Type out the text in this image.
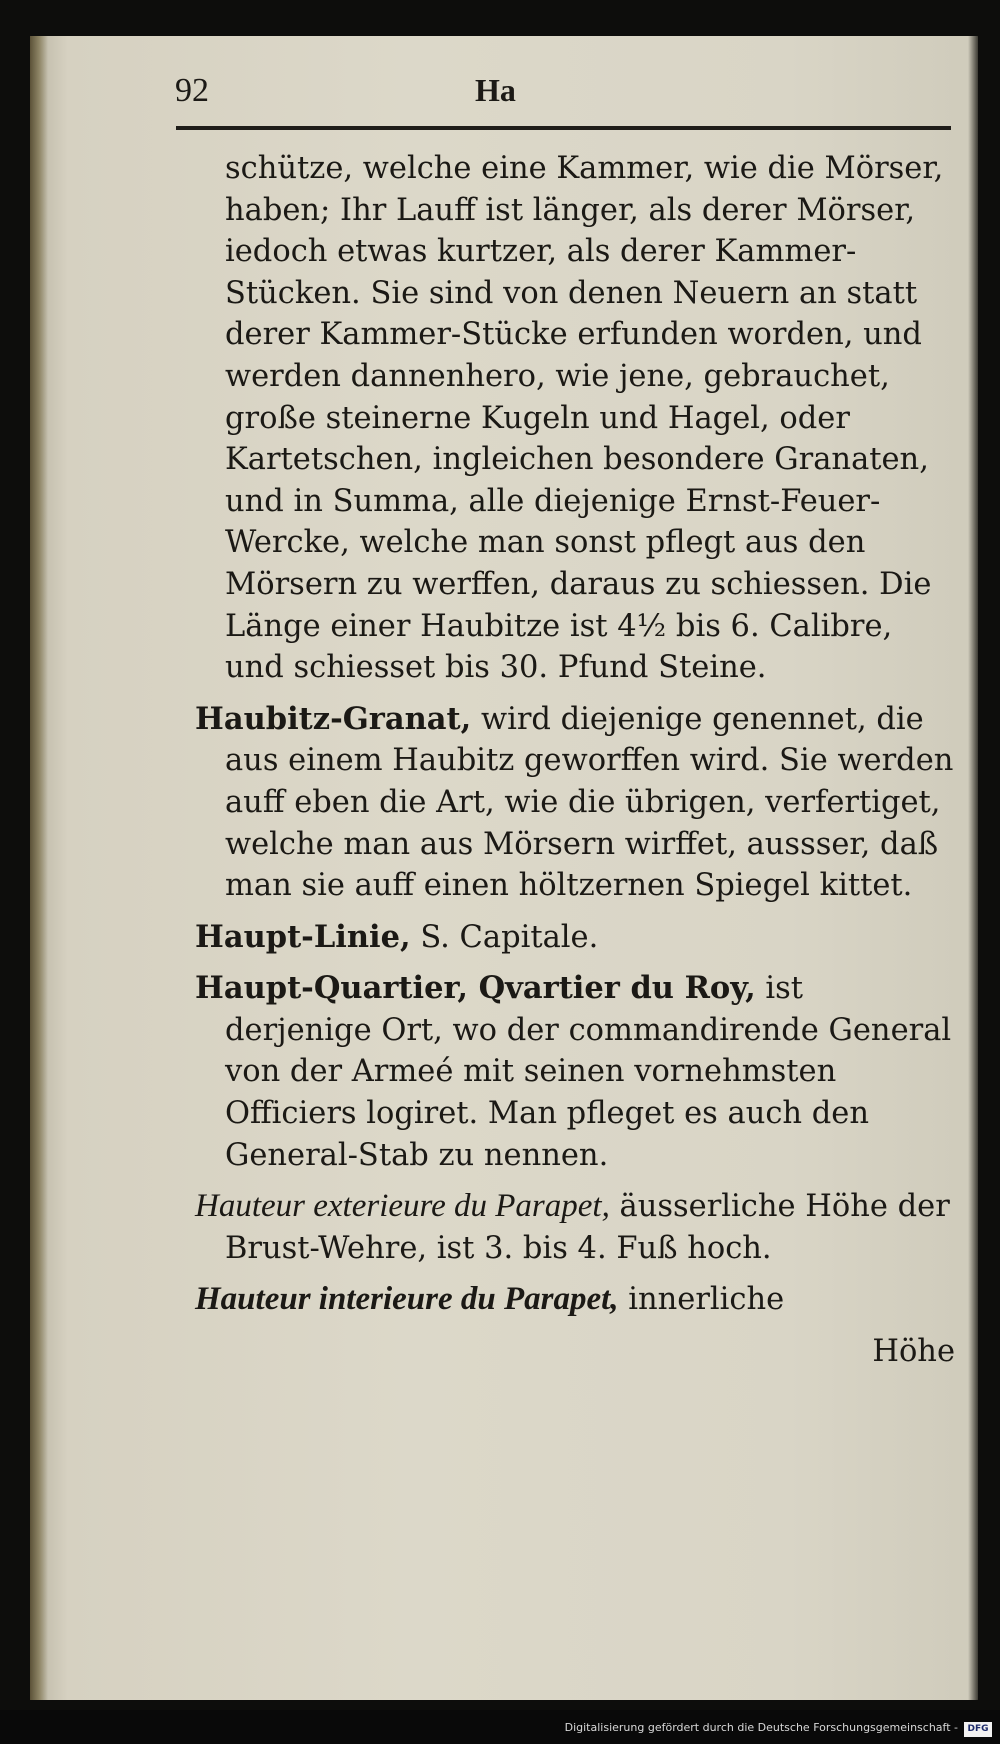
92	Ha

schütze, welche eine Kammer, wie die Mörser, haben; Ihr Lauff ist länger, als derer Mörser, iedoch etwas kurtzer, als derer Kammer-Stücken. Sie sind von denen Neuern an statt derer Kammer-Stücke erfunden worden, und werden dannenhero, wie jene, gebrauchet, große steinerne Kugeln und Hagel, oder Kartetschen, ingleichen besondere Granaten, und in Summa, alle diejenige Ernst-Feuer-Wercke, welche man sonst pflegt aus den Mörsern zu werffen, daraus zu schiessen. Die Länge einer Haubitze ist 4½ bis 6. Calibre, und schiesset bis 30. Pfund Steine.

Haubitz-Granat, wird diejenige genennet, die aus einem Haubitz geworffen wird. Sie werden auff eben die Art, wie die übrigen, verfertiget, welche man aus Mörsern wirffet, aussser, daß man sie auff einen höltzernen Spiegel kittet.

Haupt-Linie, S. Capitale.

Haupt-Quartier, Qvartier du Roy, ist derjenige Ort, wo der commandirende General von der Armeé mit seinen vornehmsten Officiers logiret. Man pfleget es auch den General-Stab zu nennen.

Hauteur exterieure du Parapet, äusserliche Höhe der Brust-Wehre, ist 3. bis 4. Fuß hoch.

Hauteur interieure du Parapet, innerliche

Höhe

Digitalisierung gefördert durch die Deutsche Forschungsgemeinschaft -	DFG
